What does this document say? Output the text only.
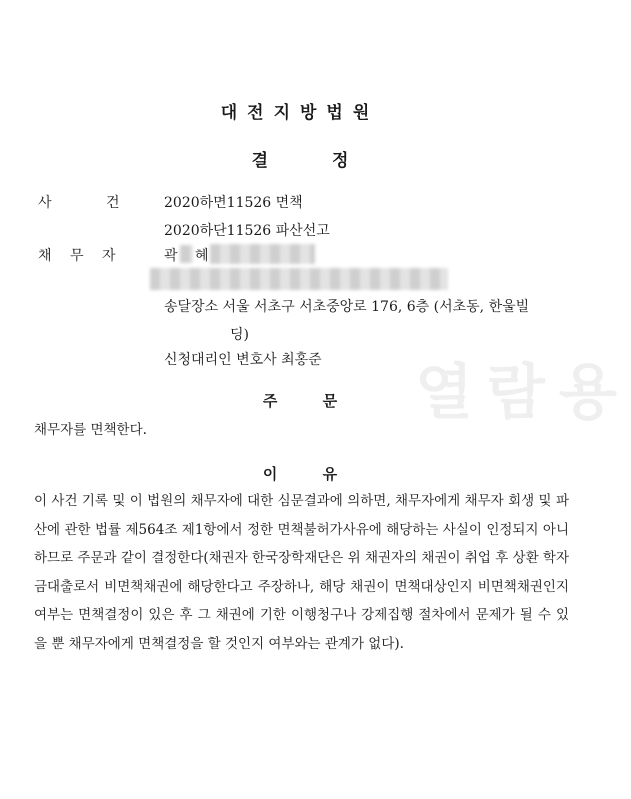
열람용
대전지방법원
결 정
사 건	2020하면11526 면책
2020하단11526 파산선고
채 무 자	곽 혜
송달장소 서울 서초구 서초중앙로 176, 6층 (서초동, 한울빌
딩)
신청대리인 변호사 최홍준
주 문
채무자를 면책한다.
이 유
이 사건 기록 및 이 법원의 채무자에 대한 심문결과에 의하면, 채무자에게 채무자 회생 및 파산에 관한 법률 제564조 제1항에서 정한 면책불허가사유에 해당하는 사실이 인정되지 아니하므로 주문과 같이 결정한다(채권자 한국장학재단은 위 채권자의 채권이 취업 후 상환 학자금대출로서 비면책채권에 해당한다고 주장하나, 해당 채권이 면책대상인지 비면책채권인지 여부는 면책결정이 있은 후 그 채권에 기한 이행청구나 강제집행 절차에서 문제가 될 수 있을 뿐 채무자에게 면책결정을 할 것인지 여부와는 관계가 없다).
